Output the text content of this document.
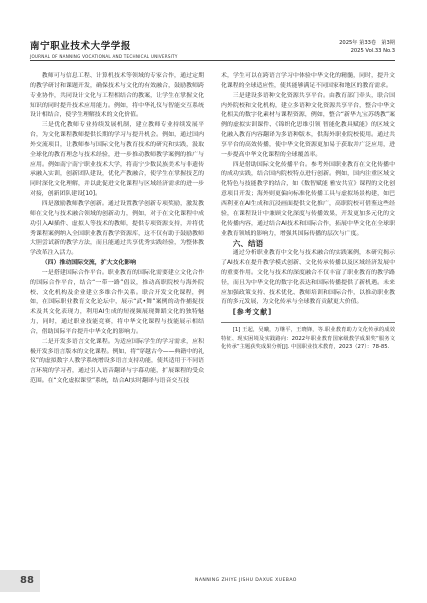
南宁职业技术大学学报
JOURNAL OF NANNING VOCATIONAL AND TECHNICAL UNIVERSITY
2025年 第33卷　第3期
2025 Vol.33 No.3

教师可与信息工程、计算机技术等领域的专家合作，通过定期的教学研讨和课题开发，确保技术与文化的有效融合，鼓励教师跨专业协作，共同设计文化与工程相结合的教案，让学生在掌握文化知识的同时提升技术应用能力。例如，将中华礼仪与智能交互系统设计相结合，使学生理解技术的文化价值。

三是优化教师专业持续发展机制，建立教师专业持续发展平台，为文化课程教师提供长期的学习与提升机会。例如，通过国内外交流项目，让教师参与国际文化与教育技术的研究和实践，汲取全球化的教育理念与技术经验，进一步推动教师教学案例的推广与应用。例如南宁南宁职业技术大学，将南宁少数民族美术与非遗传承融入实训，创新团队建设，优化产教融合，使学生在掌握技艺的同时深化文化理解，并以此促进文化课程与区域经济需求的进一步对接，创新团队建设[10]。

四是激励教师教学创新。通过设置教学创新专项奖励，激发教师在文化与技术融合领域的创新动力，例如，对于在文化课程中成功引入AI插件、虚拟人等技术的教师，提供专项资源支持，并将优秀课程案例纳入全国职业教育教学资源库，这不仅有助于鼓励教师大胆尝试新的教学方法，而且能通过共享优秀实践经验，为整体教学改革注入活力。

（四）推动国际交流，扩大文化影响

一是搭建国际合作平台。职业教育的国际化需要建立文化合作的国际合作平台，结合“一带一路”倡议，推动高职院校与海外院校、文化机构及企业建立多维合作关系。联合开发文化课程，例如，在国际职业教育文化论坛中，展示“武•舞”案例的动作捕捉技术及其文化表现力，利用AI生成的短视频展现舞蹈文化的独特魅力，同时，通过职业技能竞赛，将中华文化课程与技能展示相结合，借助国际平台提升中华文化的影响力。

二是开发多语言文化课程。为适应国际学生的学习需求，应积极开发多语言版本的文化课程。例如，将“穿越古今——典籍中的礼仪”的虚拟数字人教学系统增设多语言支持功能，使其适用于不同语言环境的学习者，通过引入语音翻译与字幕功能，扩展课程的受众范围。在“文化虚拟课堂”系统，结合AI实时翻译与语音交互技

术，学生可以在跨语言学习中体验中华文化的精髓，同时，提升文化课程的全球适应性，使其能够满足不同国家和地区的教育需求。

三是建设多语种文化资源共享平台。由教育部门牵头，联合国内外院校和文化机构，建立多语种文化资源共享平台，整合中华文化相关的数字化素材与课程资源，例如，整合“新华九宝苏绣教”案例的虚拟实训课件、《锦织化思维引领 智能化教具赋能》的区域文化融入教育内容翻译为多语种版本，供海外职业院校使用。通过共享平台的高效传播，使中华文化资源更加易于获取并广泛应用，进一步提高中华文化课程的全球覆盖率。

四是借助国际文化传播平台。参考外国职业教育在文化传播中的成功实践，结合国内院校特点进行创新。例如，国内注重区域文化特色与技能教学的结合，如《数智赋能 雅安共宣》课程的文化创意项目开发；海外则更偏向标准化传播工具与虚拟场景构建，如巴西利亚在AI生成和沉浸画面提供文化推广，高职院校可借鉴这些经验，在课程设计中兼顾文化深度与传播效果，开发更加多元化的文化传播内容，通过结合AI技术和国际合作，拓展中华文化在全球职业教育领域的影响力，增强其国际传播的层次与广度。

六、结语

通过分析职业教育中文化与技术融合的实践案例，本研究揭示了AI技术在提升教学模式创新、文化传承传播以及区域经济发展中的重要作用。文化与技术的深度融合不仅丰富了职业教育的教学路径，而且为中华文化的数字化表达和国际传播提供了新机遇。未来应加强政策支持、技术优化、教师培训和国际合作，以推动职业教育的多元发展，为文化传承与全球教育贡献更大价值。

[参考文献]

[1] 王起，吴曦，万继平，王晓锋，等.职业教育助力文化传承的成效特征、现实困境及实践路向：2022年职业教育国家级教学成果奖“服务文化传承”主题获奖成果分析[J]. 中国职业技术教育，2023（27）：78-85.

88	NANNING ZHIYE JISHU DAXUE XUEBAO
